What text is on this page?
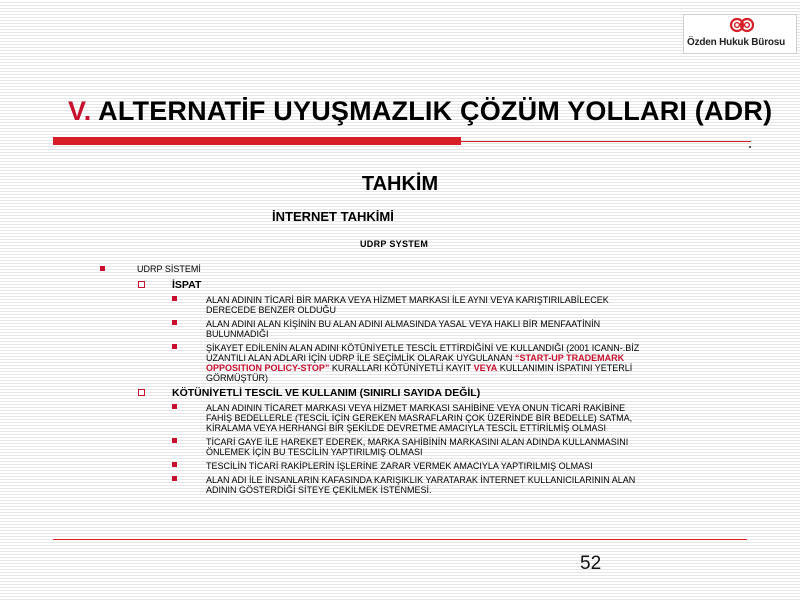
Özden Hukuk Bürosu
V. ALTERNATİF UYUŞMAZLIK ÇÖZÜM YOLLARI (ADR)
TAHKİM
İNTERNET TAHKİMİ
UDRP SYSTEM
UDRP SİSTEMİ
İSPAT
ALAN ADININ TİCARİ BİR MARKA VEYA HİZMET MARKASI İLE AYNI VEYA KARIŞTIRILABİLECEK DERECEDE BENZER OLDUĞU
ALAN ADINI ALAN KİŞİNİN BU ALAN ADINI ALMASINDA YASAL VEYA HAKLI BİR MENFAATİNİN BULUNMADIĞI
ŞİKAYET EDİLENİN ALAN ADINI KÖTÜNİYETLE TESCİL ETTİRDİĞİNİ VE KULLANDIĞI (2001 ICANN-.BİZ UZANTILI ALAN ADLARI İÇİN UDRP İLE SEÇİMLİK OLARAK UYGULANAN “START-UP TRADEMARK OPPOSITION POLICY-STOP” KURALLARI KÖTÜNİYETLİ KAYIT VEYA KULLANIMIN İSPATINI YETERLİ GÖRMÜŞTÜR)
KÖTÜNİYETLİ TESCİL VE KULLANIM (SINIRLI SAYIDA DEĞİL)
ALAN ADININ TİCARET MARKASI VEYA HİZMET MARKASI SAHİBİNE VEYA ONUN TİCARİ RAKİBİNE FAHİŞ BEDELLERLE (TESCİL İÇİN GEREKEN MASRAFLARIN ÇOK ÜZERİNDE BİR BEDELLE) SATMA, KİRALAMA VEYA HERHANGİ BİR ŞEKİLDE DEVRETME AMACIYLA TESCİL ETTİRİLMİŞ OLMASI
TİCARİ GAYE İLE HAREKET EDEREK, MARKA SAHİBİNİN MARKASINI ALAN ADINDA KULLANMASINI ÖNLEMEK İÇİN BU TESCİLİN YAPTIRILMIŞ OLMASI
TESCİLİN TİCARİ RAKİPLERİN İŞLERİNE ZARAR VERMEK AMACIYLA YAPTIRILMIŞ OLMASI
ALAN ADI İLE İNSANLARIN KAFASINDA KARIŞIKLIK YARATARAK İNTERNET KULLANICILARININ ALAN ADININ GÖSTERDİĞİ SİTEYE ÇEKİLMEK İSTENMESİ.
52
